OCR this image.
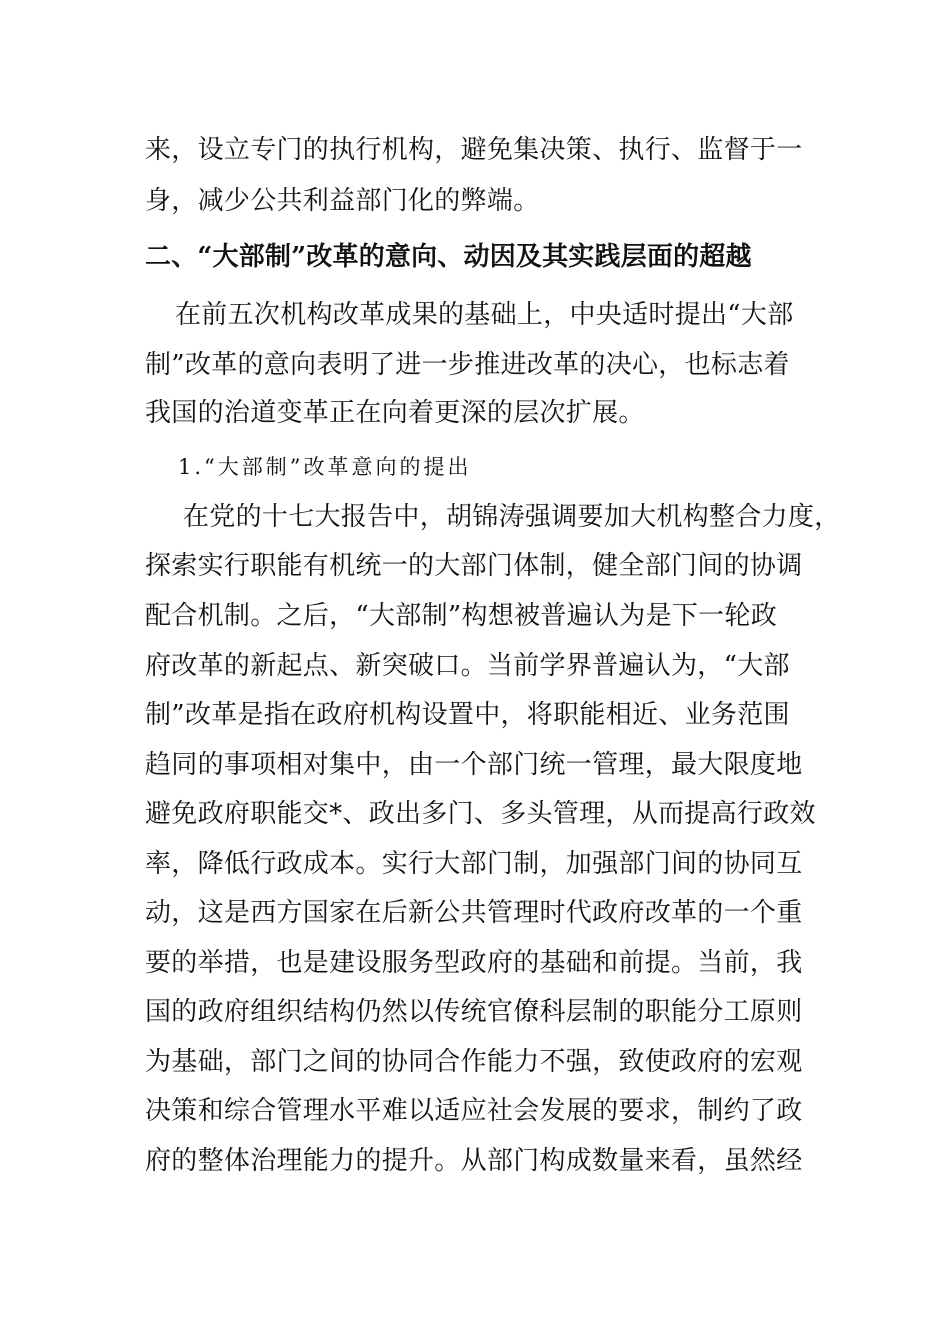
来，设立专门的执行机构，避免集决策、执行、监督于一
身，减少公共利益部门化的弊端。
二、“大部制”改革的意向、动因及其实践层面的超越
在前五次机构改革成果的基础上，中央适时提出“大部
制”改革的意向表明了进一步推进改革的决心，也标志着
我国的治道变革正在向着更深的层次扩展。
1.“大部制”改革意向的提出
在党的十七大报告中，胡锦涛强调要加大机构整合力度，
探索实行职能有机统一的大部门体制，健全部门间的协调
配合机制。之后，“大部制”构想被普遍认为是下一轮政
府改革的新起点、新突破口。当前学界普遍认为，“大部
制”改革是指在政府机构设置中，将职能相近、业务范围
趋同的事项相对集中，由一个部门统一管理，最大限度地
避免政府职能交*、政出多门、多头管理，从而提高行政效
率，降低行政成本。实行大部门制，加强部门间的协同互
动，这是西方国家在后新公共管理时代政府改革的一个重
要的举措，也是建设服务型政府的基础和前提。当前，我
国的政府组织结构仍然以传统官僚科层制的职能分工原则
为基础，部门之间的协同合作能力不强，致使政府的宏观
决策和综合管理水平难以适应社会发展的要求，制约了政
府的整体治理能力的提升。从部门构成数量来看，虽然经
